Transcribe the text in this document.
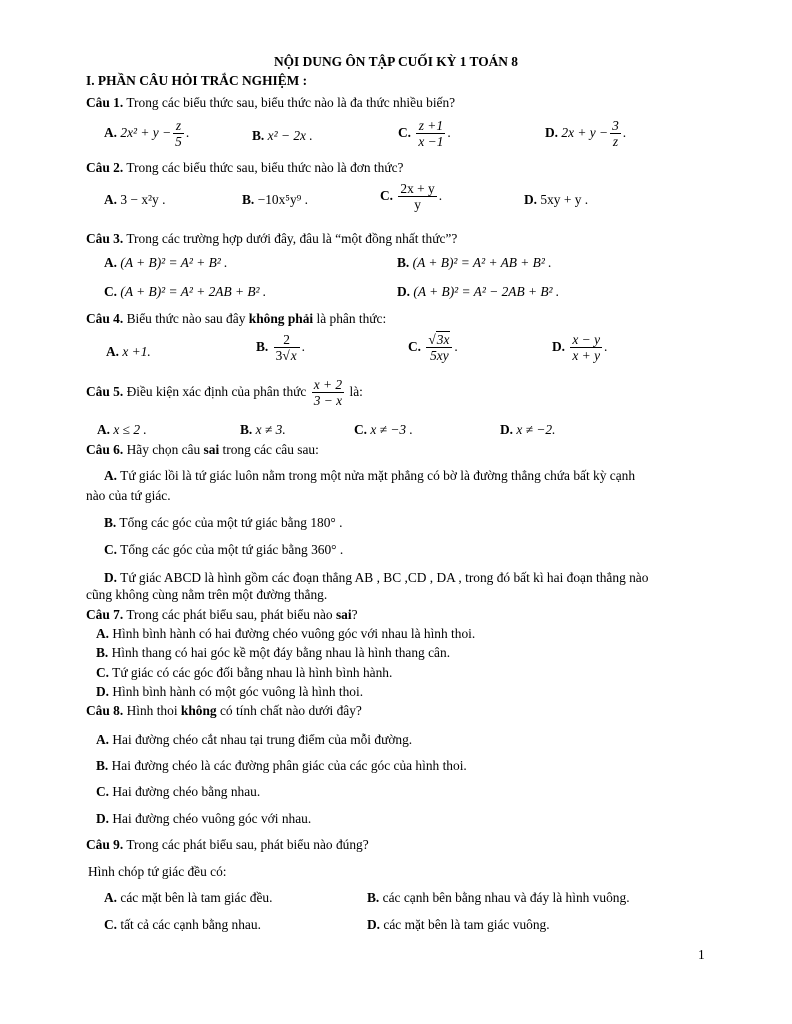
NỘI DUNG ÔN TẬP CUỐI KỲ 1 TOÁN 8
I. PHẦN CÂU HỎI TRẮC NGHIỆM :
Câu 1. Trong các biểu thức sau, biểu thức nào là đa thức nhiều biến?
A. $2x^2 + y - \frac{z}{5}$ .	B. x² − 2x .	C. $\frac{z +1}{x -1}$ .	D. $2x + y - \frac{3}{z}$ .
Câu 2. Trong các biểu thức sau, biểu thức nào là đơn thức?
A. 3 − x²y .	B. −10x⁵y⁹ .	C. $\frac{2x + y}{y}$ .	D. 5xy + y .
Câu 3. Trong các trường hợp dưới đây, đâu là “một đồng nhất thức”?
A. (A + B)² = A² + B² .	B. (A + B)² = A² + AB + B² .
C. (A + B)² = A² + 2AB + B² .	D. (A + B)² = A² − 2AB + B² .
Câu 4. Biểu thức nào sau đây không phải là phân thức:
A. x +1.	B. $\frac{2}{3√x}$ .	C. $\frac{√3x}{5xy}$ .	D. $\frac{x - y}{x + y}$ .
Câu 5. Điều kiện xác định của phân thức $\frac{x + 2}{3 - x}$ là:
A. x ≤ 2 .	B. x ≠ 3.	C. x ≠ −3 .	D. x ≠ −2.
Câu 6. Hãy chọn câu sai trong các câu sau:
A. Tứ giác lồi là tứ giác luôn nằm trong một nửa mặt phẳng có bờ là đường thẳng chứa bất kỳ cạnh
nào của tứ giác.
B. Tổng các góc của một tứ giác bằng 180° .
C. Tổng các góc của một tứ giác bằng 360° .
D. Tứ giác ABCD là hình gồm các đoạn thẳng AB , BC ,CD , DA , trong đó bất kì hai đoạn thẳng nào
cũng không cùng nằm trên một đường thẳng.
Câu 7. Trong các phát biểu sau, phát biểu nào sai?
A. Hình bình hành có hai đường chéo vuông góc với nhau là hình thoi.
B. Hình thang có hai góc kề một đáy bằng nhau là hình thang cân.
C. Tứ giác có các góc đối bằng nhau là hình bình hành.
D. Hình bình hành có một góc vuông là hình thoi.
Câu 8. Hình thoi không có tính chất nào dưới đây?
A. Hai đường chéo cắt nhau tại trung điểm của mỗi đường.
B. Hai đường chéo là các đường phân giác của các góc của hình thoi.
C. Hai đường chéo bằng nhau.
D. Hai đường chéo vuông góc với nhau.
Câu 9. Trong các phát biểu sau, phát biểu nào đúng?
Hình chóp tứ giác đều có:
A. các mặt bên là tam giác đều.	B. các cạnh bên bằng nhau và đáy là hình vuông.
C. tất cả các cạnh bằng nhau.	D. các mặt bên là tam giác vuông.
1
